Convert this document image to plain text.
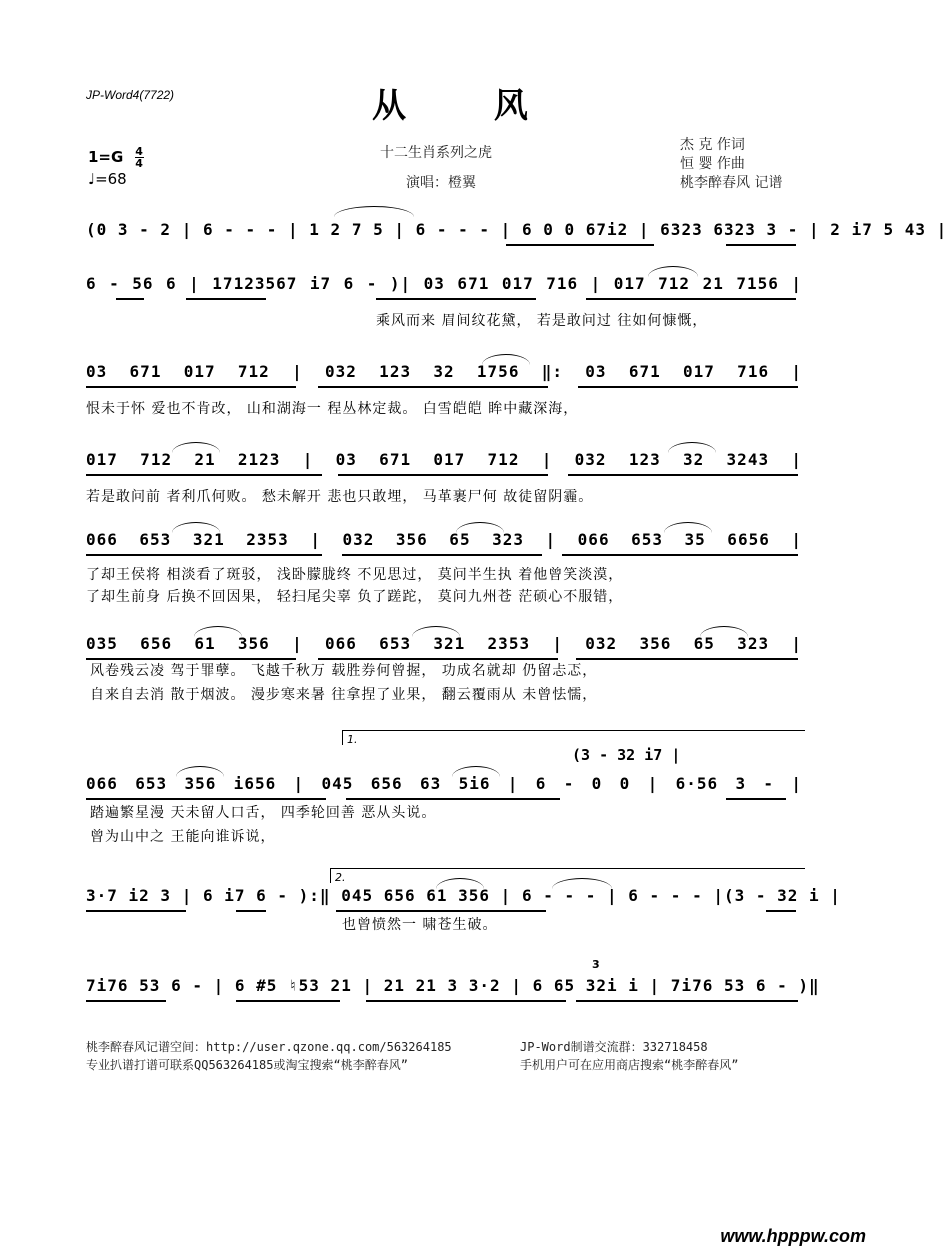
JP-Word4(7722)	从 风
十二生肖系列之虎
演唱：橙翼
$1=G \frac{4}{4}$
♩=68
杰 克 作词
恒 婴 作曲
桃李醉春风 记谱
(0 3 - 2 | 6 - - - | 1 2 7 5 | 6 - - - | 6 0 0 67i2 | 6323 6323 3 - | 2 i7 5 43 |
6 - 56 6 | 17123567 i7 6 - )| 03 671 017 716 | 017 712 21 7156 |
乘风而来 眉间纹花黛， 若是敢问过 往如何慷慨，
03 671 017 712 | 032 123 32 1756 ‖: 03 671 017 716 |
恨未于怀 爱也不肯改， 山和湖海一 程丛林定裁。 白雪皑皑 眸中藏深海，
017 712 21 2123 | 03 671 017 712 | 032 123 32 3243 |
若是敢问前 者利爪何败。 愁未解开 悲也只敢埋， 马革裹尸何 故徒留阴霾。
066 653 321 2353 | 032 356 65 323 | 066 653 35 6656 |
了却王侯将 相淡看了斑驳， 浅卧朦胧终 不见思过， 莫问半生执 着他曾笑淡漠，
了却生前身 后换不回因果， 轻扫尾尖辜 负了蹉跎， 莫问九州苍 茫硕心不服错，
035 656 61 356 | 066 653 321 2353 | 032 356 65 323 |
风卷残云凌 驾于罪孽。 飞越千秋万 载胜券何曾握， 功成名就却 仍留忐忑，
自来自去消 散于烟波。 漫步寒来暑 往拿捏了业果， 翻云覆雨从 未曾怯懦，
1.
(3 - 32 i7 |
066 653 356 i656 | 045 656 63 5i6 | 6 - 0 0 | 6·56 3 - |
踏遍繁星漫 天未留人口舌， 四季轮回善 恶从头说。
曾为山中之 王能向谁诉说，
2.
3·7 i2 3 | 6 i7 6 - ):‖ 045 656 61 356 | 6 - - - | 6 - - - |(3 - 32 i |
也曾愤然一 啸苍生破。
3
7i76 53 6 - | 6 #5 ♮53 21 | 21 21 3 3·2 | 6 65 32i i | 7i76 53 6 - )‖
桃李醉春风记谱空间：http://user.qzone.qq.com/563264185	JP-Word制谱交流群：332718458
专业扒谱打谱可联系QQ563264185或淘宝搜索“桃李醉春风”	手机用户可在应用商店搜索“桃李醉春风”
www.hpppw.com
